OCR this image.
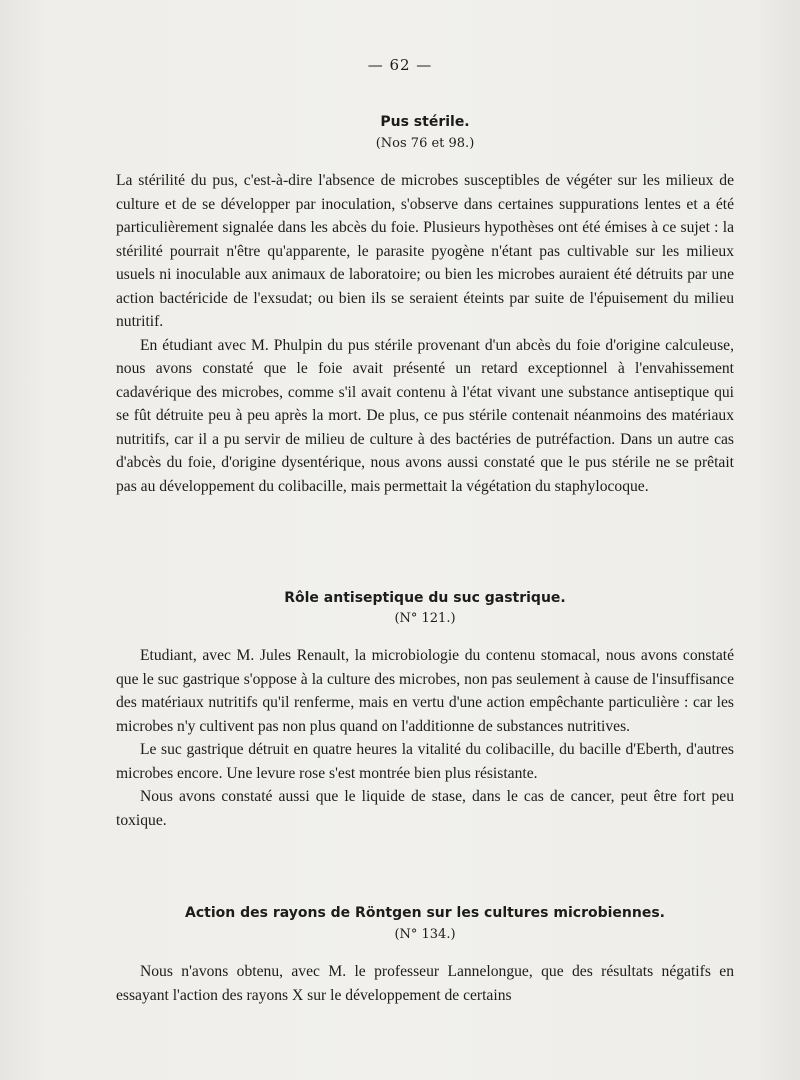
— 62 —
Pus stérile.
(Nos 76 et 98.)

La stérilité du pus, c'est-à-dire l'absence de microbes susceptibles de végéter sur les milieux de culture et de se développer par inoculation, s'observe dans certaines suppurations lentes et a été particulièrement signalée dans les abcès du foie. Plusieurs hypothèses ont été émises à ce sujet : la stérilité pourrait n'être qu'apparente, le parasite pyogène n'étant pas cultivable sur les milieux usuels ni inoculable aux animaux de laboratoire; ou bien les microbes auraient été détruits par une action bactéricide de l'exsudat; ou bien ils se seraient éteints par suite de l'épuisement du milieu nutritif.

En étudiant avec M. Phulpin du pus stérile provenant d'un abcès du foie d'origine calculeuse, nous avons constaté que le foie avait présenté un retard exceptionnel à l'envahissement cadavérique des microbes, comme s'il avait contenu à l'état vivant une substance antiseptique qui se fût détruite peu à peu après la mort. De plus, ce pus stérile contenait néanmoins des matériaux nutritifs, car il a pu servir de milieu de culture à des bactéries de putréfaction. Dans un autre cas d'abcès du foie, d'origine dysentérique, nous avons aussi constaté que le pus stérile ne se prêtait pas au développement du colibacille, mais permettait la végétation du staphylocoque.

Rôle antiseptique du suc gastrique.
(N° 121.)

Etudiant, avec M. Jules Renault, la microbiologie du contenu stomacal, nous avons constaté que le suc gastrique s'oppose à la culture des microbes, non pas seulement à cause de l'insuffisance des matériaux nutritifs qu'il renferme, mais en vertu d'une action empêchante particulière : car les microbes n'y cultivent pas non plus quand on l'additionne de substances nutritives.

Le suc gastrique détruit en quatre heures la vitalité du colibacille, du bacille d'Eberth, d'autres microbes encore. Une levure rose s'est montrée bien plus résistante.

Nous avons constaté aussi que le liquide de stase, dans le cas de cancer, peut être fort peu toxique.

Action des rayons de Röntgen sur les cultures microbiennes.
(N° 134.)

Nous n'avons obtenu, avec M. le professeur Lannelongue, que des résultats négatifs en essayant l'action des rayons X sur le développement de certains
